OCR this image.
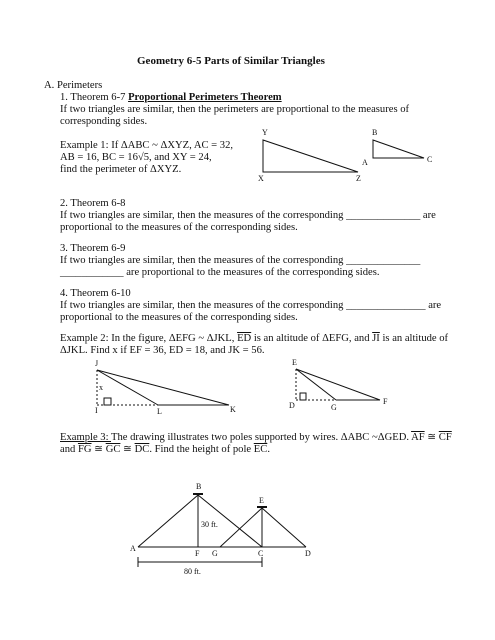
Geometry 6-5 Parts of Similar Triangles

A. Perimeters

1. Theorem 6-7 Proportional Perimeters Theorem

If two triangles are similar, then the perimeters are proportional to the measures of

corresponding sides.

Example 1: If ΔABC ~ ΔXYZ, AC = 32,

AB = 16, BC = 16√5, and XY = 24,

find the perimeter of ΔXYZ.

2. Theorem 6-8

If two triangles are similar, then the measures of the corresponding ______________ are

proportional to the measures of the corresponding sides.

3. Theorem 6-9

If two triangles are similar, then the measures of the corresponding ______________

____________ are proportional to the measures of the corresponding sides.

4. Theorem 6-10

If two triangles are similar, then the measures of the corresponding _______________ are

proportional to the measures of the corresponding sides.

Example 2: In the figure, ΔEFG ~ ΔJKL, $\overline{ED}$ is an altitude of ΔEFG, and $\overline{JI}$ is an altitude of

ΔJKL. Find x if EF = 36, ED = 18, and JK = 56.

Example 3: The drawing illustrates two poles supported by wires. ΔABC ~ΔGED. $\overline{AF}$ ≅ $\overline{CF}$

and $\overline{FG}$ ≅ $\overline{GC}$ ≅ $\overline{DC}$. Find the height of pole $\overline{EC}$.

Y
X	Z
B
A	C
J
x
I	L	K
E
D	G
F
B
E
A
F G	C	D
30 ft.
80 ft.
